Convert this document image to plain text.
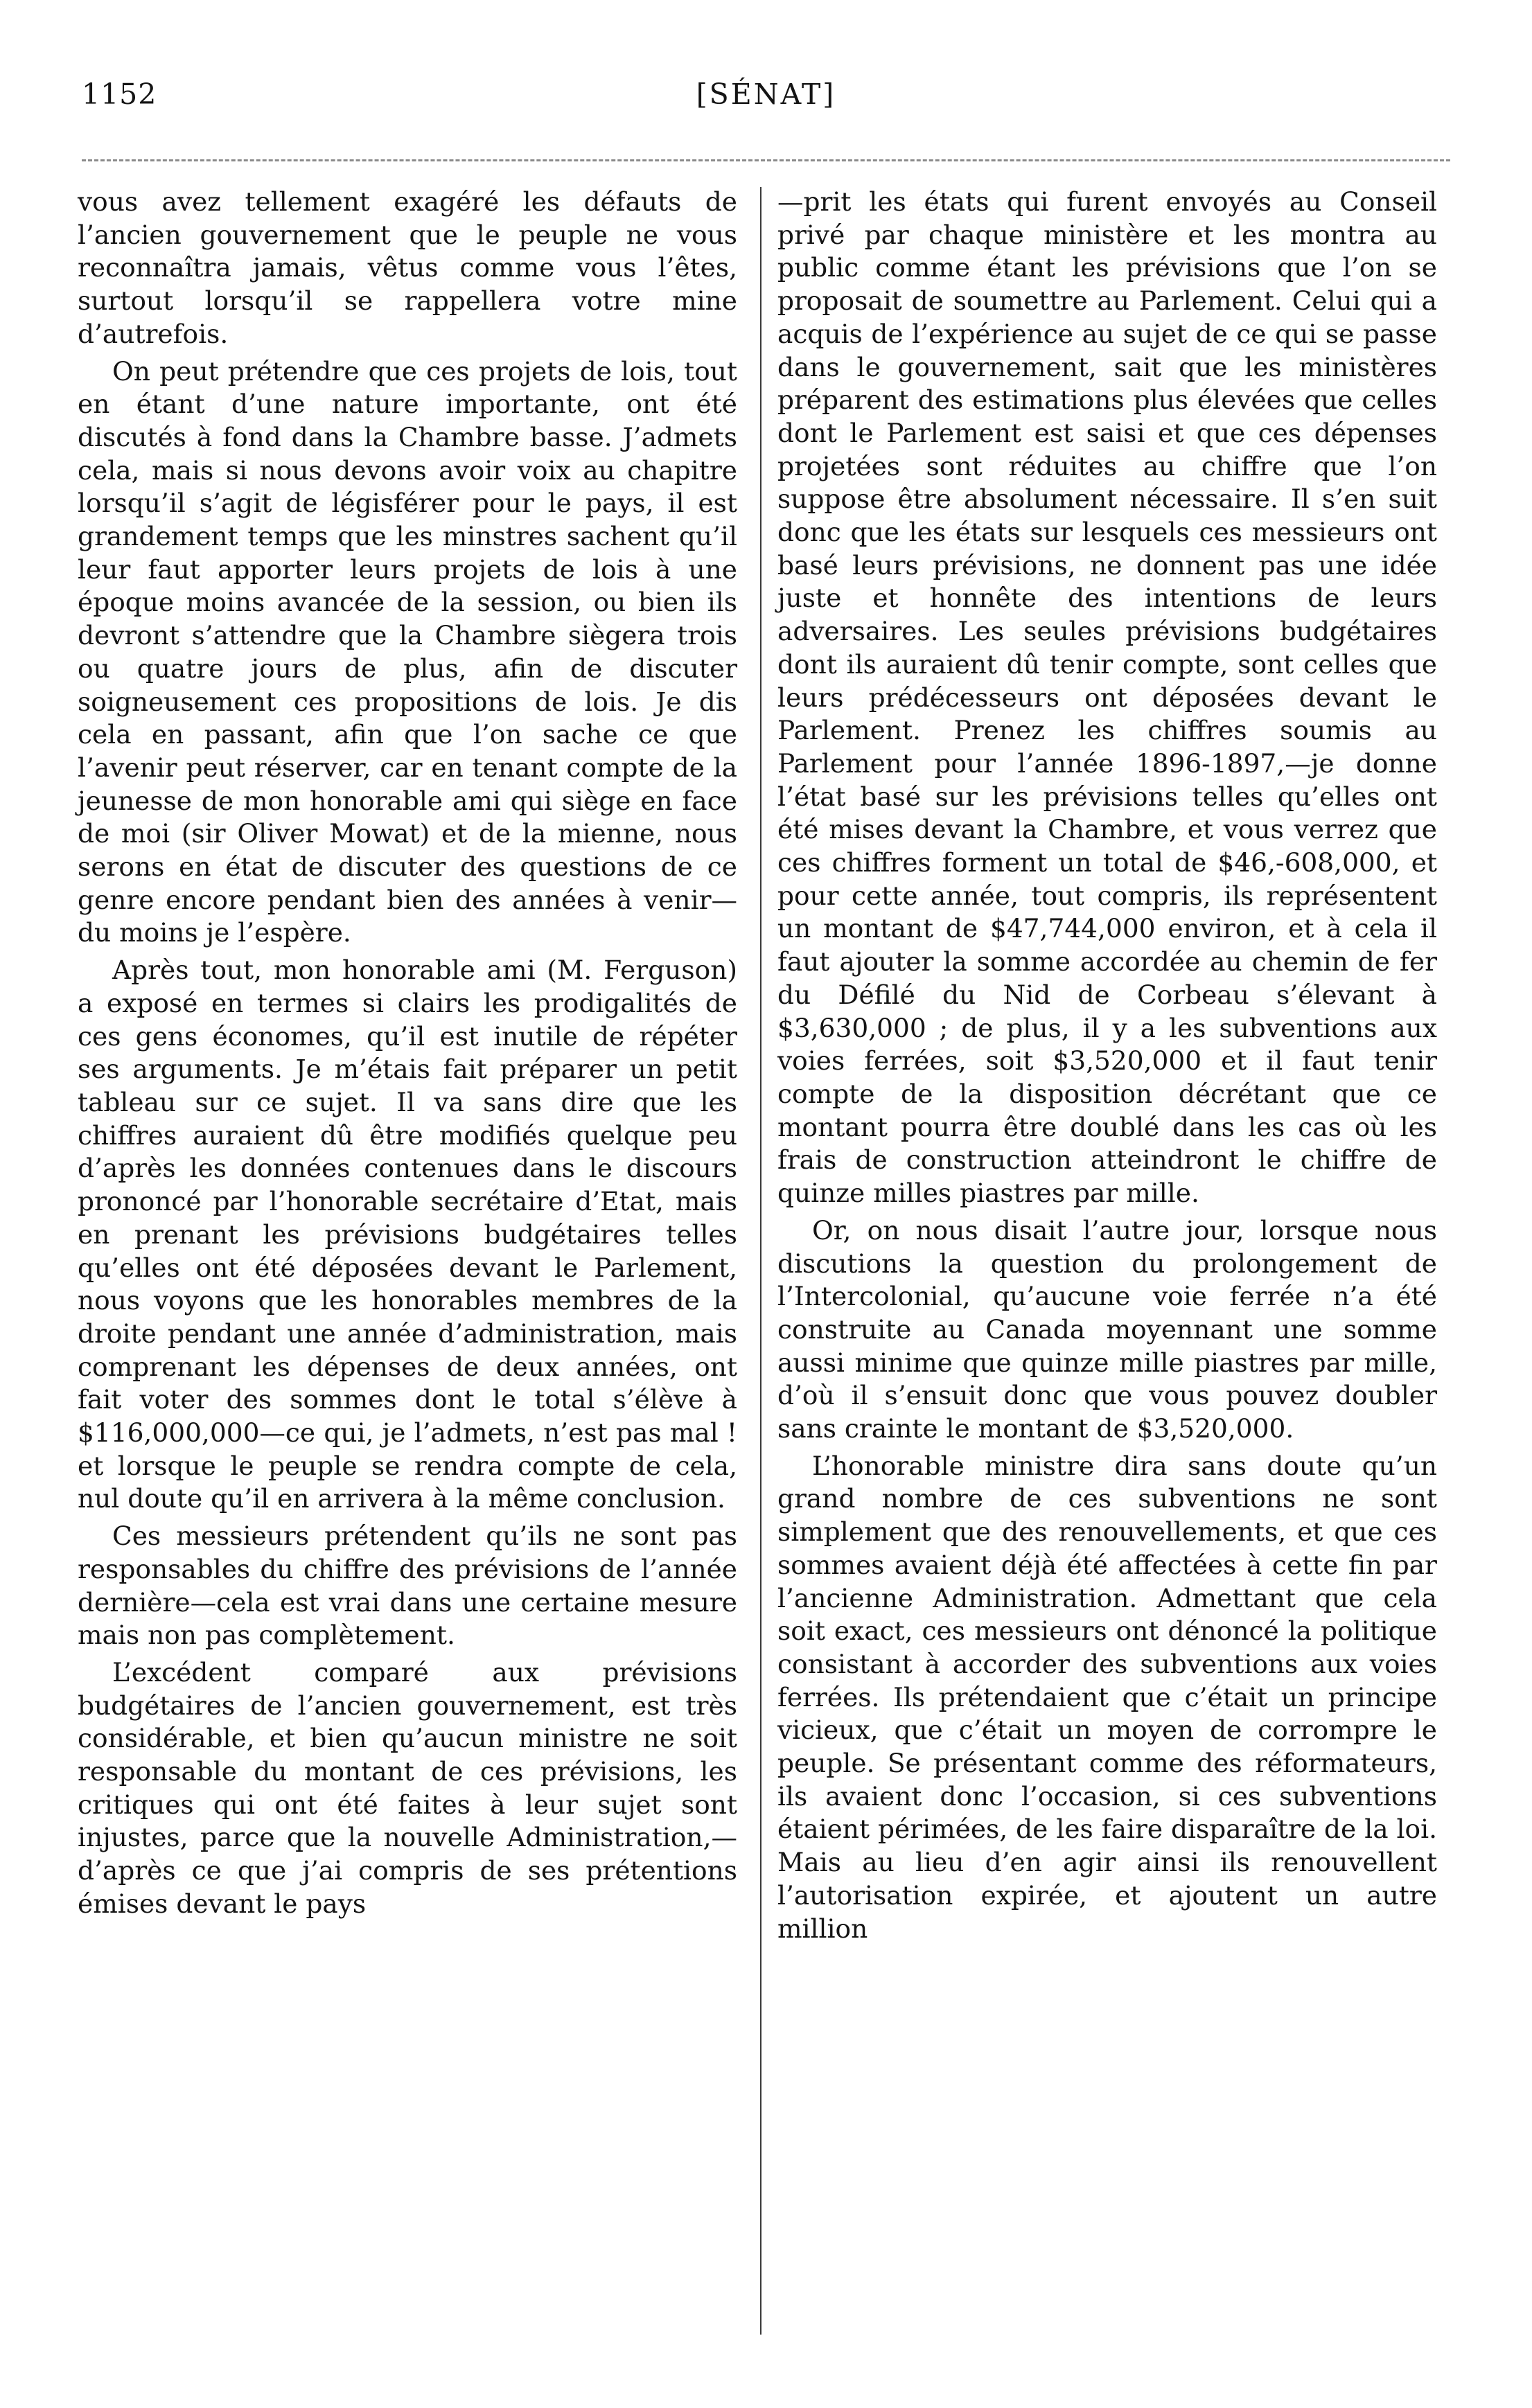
1152	[SÉNAT]

vous avez tellement exagéré les défauts de l’ancien gouvernement que le peuple ne vous reconnaîtra jamais, vêtus comme vous l’êtes, surtout lorsqu’il se rappellera votre mine d’autrefois.

On peut prétendre que ces projets de lois, tout en étant d’une nature importante, ont été discutés à fond dans la Chambre basse. J’admets cela, mais si nous devons avoir voix au chapitre lorsqu’il s’agit de légisférer pour le pays, il est grandement temps que les minstres sachent qu’il leur faut apporter leurs projets de lois à une époque moins avancée de la session, ou bien ils devront s’attendre que la Chambre siègera trois ou quatre jours de plus, afin de discuter soigneusement ces propositions de lois. Je dis cela en passant, afin que l’on sache ce que l’avenir peut réserver, car en tenant compte de la jeunesse de mon honorable ami qui siège en face de moi (sir Oliver Mowat) et de la mienne, nous serons en état de discuter des questions de ce genre encore pendant bien des années à venir—du moins je l’espère.

Après tout, mon honorable ami (M. Ferguson) a exposé en termes si clairs les prodigalités de ces gens économes, qu’il est inutile de répéter ses arguments. Je m’étais fait préparer un petit tableau sur ce sujet. Il va sans dire que les chiffres auraient dû être modifiés quelque peu d’après les données contenues dans le discours prononcé par l’honorable secrétaire d’Etat, mais en prenant les prévisions budgétaires telles qu’elles ont été déposées devant le Parlement, nous voyons que les honorables membres de la droite pendant une année d’administration, mais comprenant les dépenses de deux années, ont fait voter des sommes dont le total s’élève à $116,000,000—ce qui, je l’admets, n’est pas mal ! et lorsque le peuple se rendra compte de cela, nul doute qu’il en arrivera à la même conclusion.

Ces messieurs prétendent qu’ils ne sont pas responsables du chiffre des prévisions de l’année dernière—cela est vrai dans une certaine mesure mais non pas complètement.

L’excédent comparé aux prévisions budgétaires de l’ancien gouvernement, est très considérable, et bien qu’aucun ministre ne soit responsable du montant de ces prévisions, les critiques qui ont été faites à leur sujet sont injustes, parce que la nouvelle Administration,—d’après ce que j’ai compris de ses prétentions émises devant le pays

—prit les états qui furent envoyés au Conseil privé par chaque ministère et les montra au public comme étant les prévisions que l’on se proposait de soumettre au Parlement. Celui qui a acquis de l’expérience au sujet de ce qui se passe dans le gouvernement, sait que les ministères préparent des estimations plus élevées que celles dont le Parlement est saisi et que ces dépenses projetées sont réduites au chiffre que l’on suppose être absolument nécessaire. Il s’en suit donc que les états sur lesquels ces messieurs ont basé leurs prévisions, ne donnent pas une idée juste et honnête des intentions de leurs adversaires. Les seules prévisions budgétaires dont ils auraient dû tenir compte, sont celles que leurs prédécesseurs ont déposées devant le Parlement. Prenez les chiffres soumis au Parlement pour l’année 1896-1897,—je donne l’état basé sur les prévisions telles qu’elles ont été mises devant la Chambre, et vous verrez que ces chiffres forment un total de $46,-608,000, et pour cette année, tout compris, ils représentent un montant de $47,744,000 environ, et à cela il faut ajouter la somme accordée au chemin de fer du Défilé du Nid de Corbeau s’élevant à $3,630,000 ; de plus, il y a les subventions aux voies ferrées, soit $3,520,000 et il faut tenir compte de la disposition décrétant que ce montant pourra être doublé dans les cas où les frais de construction atteindront le chiffre de quinze milles piastres par mille.

Or, on nous disait l’autre jour, lorsque nous discutions la question du prolongement de l’Intercolonial, qu’aucune voie ferrée n’a été construite au Canada moyennant une somme aussi minime que quinze mille piastres par mille, d’où il s’ensuit donc que vous pouvez doubler sans crainte le montant de $3,520,000.

L’honorable ministre dira sans doute qu’un grand nombre de ces subventions ne sont simplement que des renouvellements, et que ces sommes avaient déjà été affectées à cette fin par l’ancienne Administration. Admettant que cela soit exact, ces messieurs ont dénoncé la politique consistant à accorder des subventions aux voies ferrées. Ils prétendaient que c’était un principe vicieux, que c’était un moyen de corrompre le peuple. Se présentant comme des réformateurs, ils avaient donc l’occasion, si ces subventions étaient périmées, de les faire disparaître de la loi. Mais au lieu d’en agir ainsi ils renouvellent l’autorisation expirée, et ajoutent un autre million
